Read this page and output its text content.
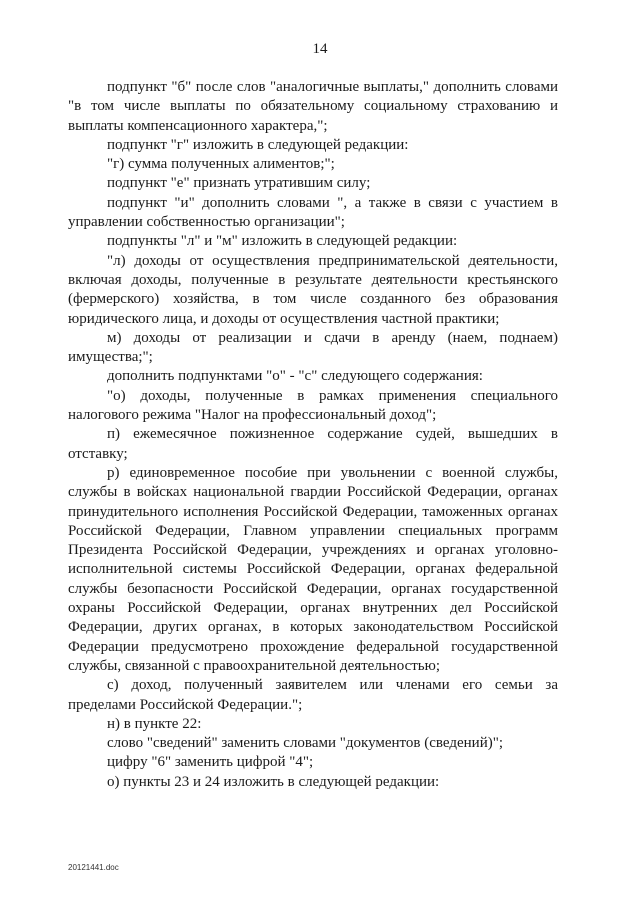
14

подпункт "б" после слов "аналогичные выплаты," дополнить словами "в том числе выплаты по обязательному социальному страхованию и выплаты компенсационного характера,";

подпункт "г" изложить в следующей редакции:

"г) сумма полученных алиментов;";

подпункт "е" признать утратившим силу;

подпункт "и" дополнить словами ", а также в связи с участием в управлении собственностью организации";

подпункты "л" и "м" изложить в следующей редакции:

"л) доходы от осуществления предпринимательской деятельности, включая доходы, полученные в результате деятельности крестьянского (фермерского) хозяйства, в том числе созданного без образования юридического лица, и доходы от осуществления частной практики;

м) доходы от реализации и сдачи в аренду (наем, поднаем) имущества;";

дополнить подпунктами "о" - "с" следующего содержания:

"о) доходы, полученные в рамках применения специального налогового режима "Налог на профессиональный доход";

п) ежемесячное пожизненное содержание судей, вышедших в отставку;

р) единовременное пособие при увольнении с военной службы, службы в войсках национальной гвардии Российской Федерации, органах принудительного исполнения Российской Федерации, таможенных органах Российской Федерации, Главном управлении специальных программ Президента Российской Федерации, учреждениях и органах уголовно-исполнительной системы Российской Федерации, органах федеральной службы безопасности Российской Федерации, органах государственной охраны Российской Федерации, органах внутренних дел Российской Федерации, других органах, в которых законодательством Российской Федерации предусмотрено прохождение федеральной государственной службы, связанной с правоохранительной деятельностью;

с) доход, полученный заявителем или членами его семьи за пределами Российской Федерации.";

н) в пункте 22:

слово "сведений" заменить словами "документов (сведений)";

цифру "6" заменить цифрой "4";

о) пункты 23 и 24 изложить в следующей редакции:

20121441.doc
